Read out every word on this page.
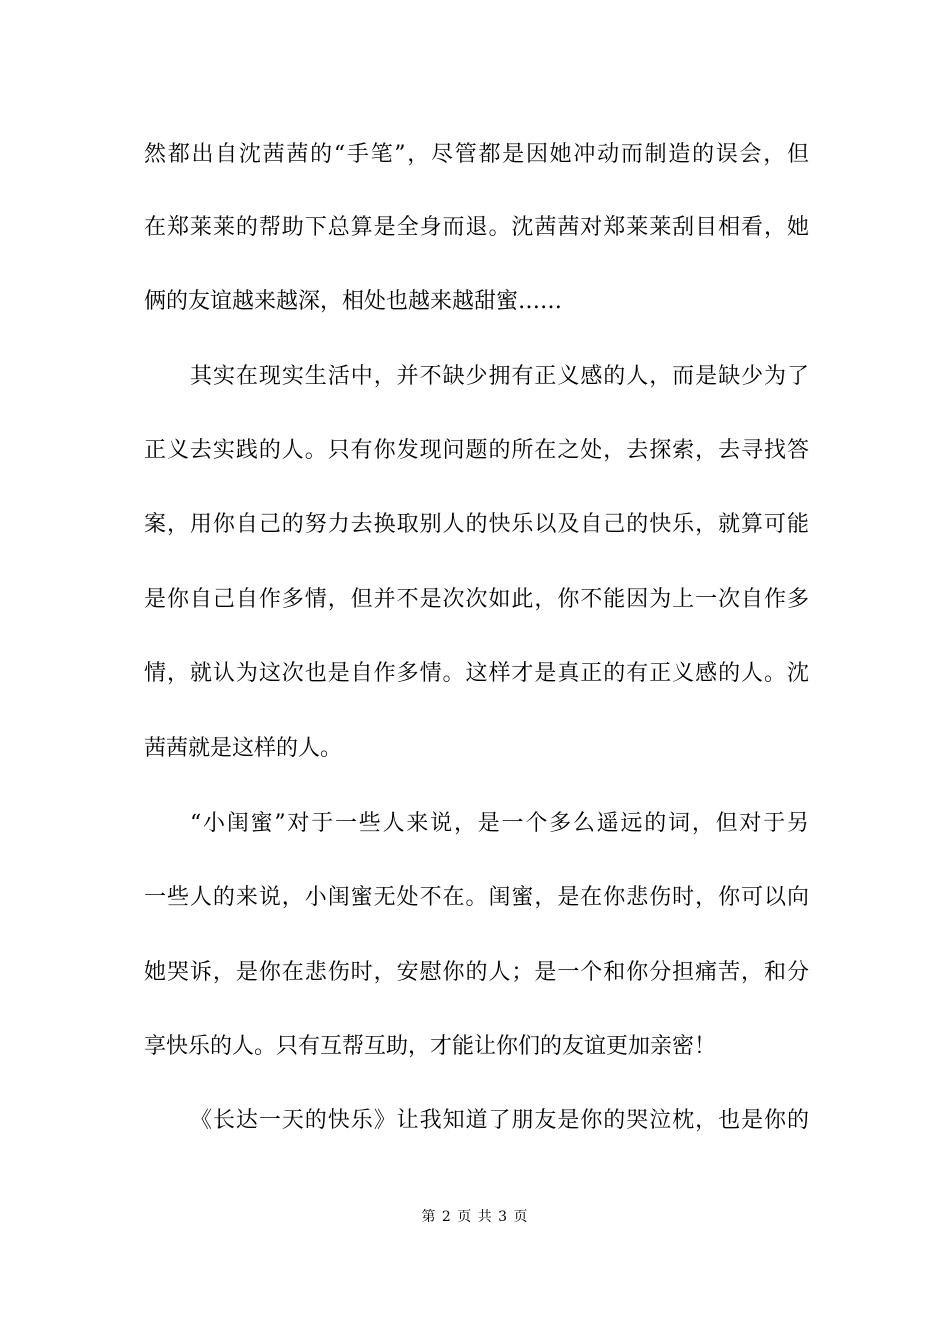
然都出自沈茜茜的“手笔”，尽管都是因她冲动而制造的误会，但
在郑莱莱的帮助下总算是全身而退。沈茜茜对郑莱莱刮目相看，她
俩的友谊越来越深，相处也越来越甜蜜……
其实在现实生活中，并不缺少拥有正义感的人，而是缺少为了
正义去实践的人。只有你发现问题的所在之处，去探索，去寻找答
案，用你自己的努力去换取别人的快乐以及自己的快乐，就算可能
是你自己自作多情，但并不是次次如此，你不能因为上一次自作多
情，就认为这次也是自作多情。这样才是真正的有正义感的人。沈
茜茜就是这样的人。
“小闺蜜”对于一些人来说，是一个多么遥远的词，但对于另
一些人的来说，小闺蜜无处不在。闺蜜，是在你悲伤时，你可以向
她哭诉，是你在悲伤时，安慰你的人；是一个和你分担痛苦，和分
享快乐的人。只有互帮互助，才能让你们的友谊更加亲密！
《长达一天的快乐》让我知道了朋友是你的哭泣枕，也是你的
第 2 页 共 3 页
